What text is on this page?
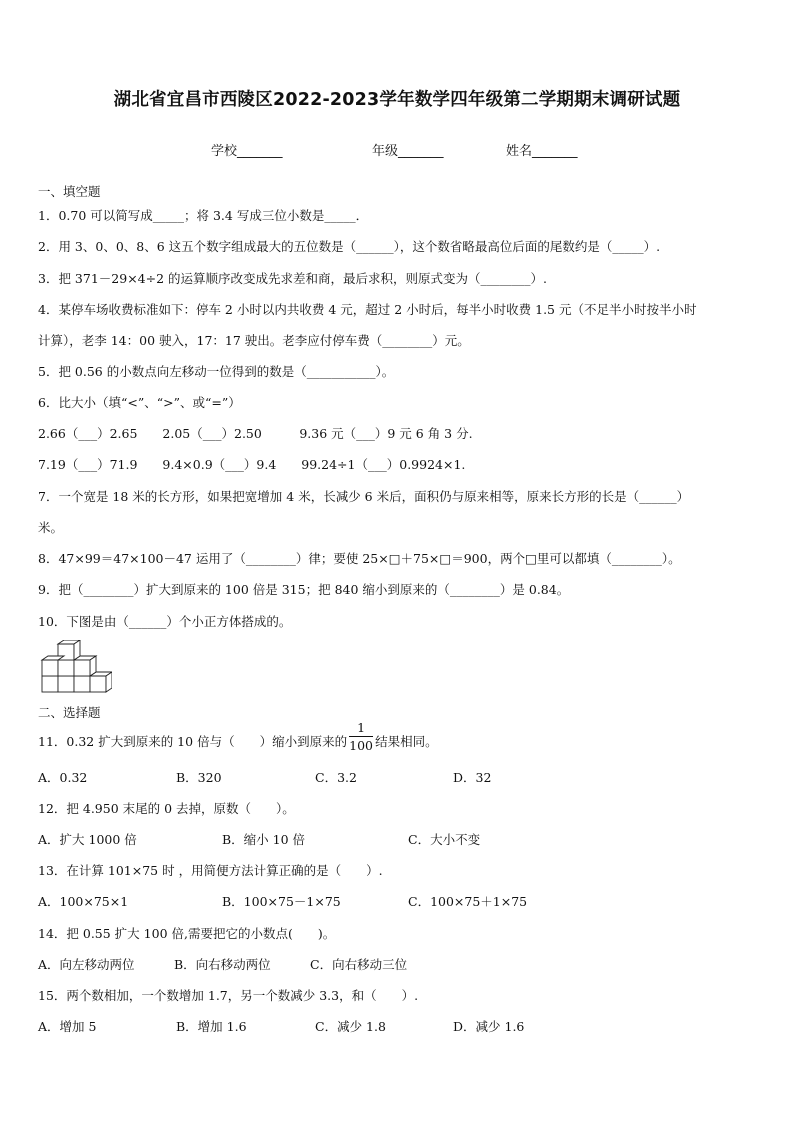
湖北省宜昌市西陵区2022-2023学年数学四年级第二学期期末调研试题
学校_______	年级_______	姓名_______
一、填空题
1．0.70 可以简写成_____；将 3.4 写成三位小数是_____．
2．用 3、0、0、8、6 这五个数字组成最大的五位数是（______），这个数省略最高位后面的尾数约是（_____）.
3．把 371－29×4÷2 的运算顺序改变成先求差和商，最后求积，则原式变为（________）.
4．某停车场收费标准如下：停车 2 小时以内共收费 4 元，超过 2 小时后，每半小时收费 1.5 元（不足半小时按半小时
计算），老李 14：00 驶入，17：17 驶出。老李应付停车费（________）元。
5．把 0.56 的小数点向左移动一位得到的数是（___________）。
6．比大小（填“<”、“>”、或“=”）
2.66（___）2.65　　2.05（___）2.50　　　9.36 元（___）9 元 6 角 3 分.
7.19（___）71.9　　9.4×0.9（___）9.4　　99.24÷1（___）0.9924×1.
7．一个宽是 18 米的长方形，如果把宽增加 4 米，长减少 6 米后，面积仍与原来相等，原来长方形的长是（______）
米。
8．47×99＝47×100－47 运用了（________）律；要使 25×□＋75×□＝900，两个□里可以都填（________）。
9．把（________）扩大到原来的 100 倍是 315；把 840 缩小到原来的（________）是 0.84。
10．下图是由（______）个小正方体搭成的。
二、选择题
11．0.32 扩大到原来的 10 倍与（　　）缩小到原来的
1
100 结果相同。
A．0.32	B．320	C．3.2	D．32
12．把 4.950 末尾的 0 去掉，原数（　　）。
A．扩大 1000 倍	B．缩小 10 倍	C．大小不变
13．在计算 101×75 时 ，用简便方法计算正确的是（　　）.
A．100×75×1	B．100×75－1×75	C．100×75＋1×75
14．把 0.55 扩大 100 倍,需要把它的小数点(　　)。
A．向左移动两位	B．向右移动两位	C．向右移动三位
15．两个数相加，一个数增加 1.7，另一个数减少 3.3，和（　　）.
A．增加 5	B．增加 1.6	C．减少 1.8	D．减少 1.6
